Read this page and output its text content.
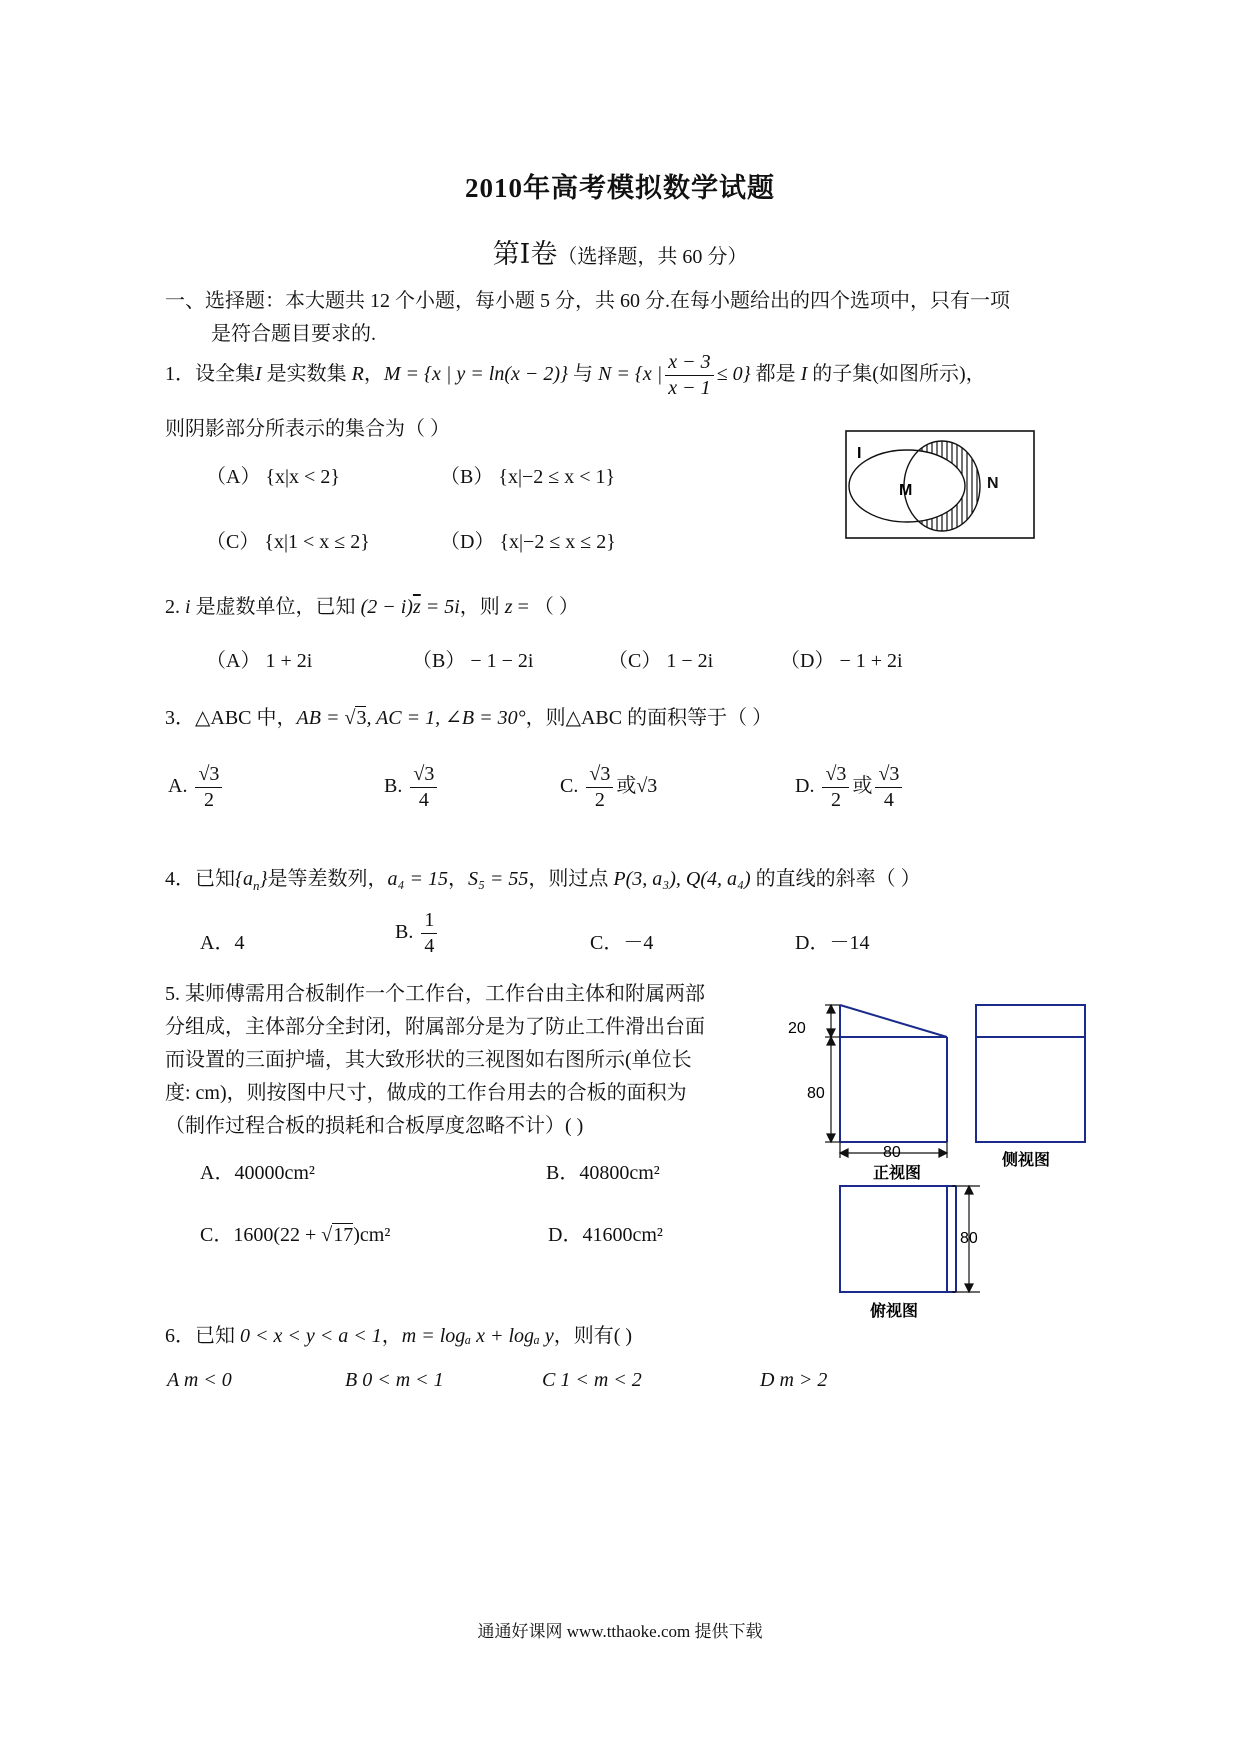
2010年高考模拟数学试题
第Ⅰ卷（选择题，共 60 分）
一、选择题：本大题共 12 个小题，每小题 5 分，共 60 分.在每小题给出的四个选项中，只有一项
是符合题目要求的.
1．设全集I 是实数集 R，M = {x | y = ln(x − 2)} 与 N = {x | $\frac{x - 3}{x - 1} \le 0$} 都是 I 的子集(如图所示)，
则阴影部分所表示的集合为（ ）
（A） {x|x < 2}	（B） {x|−2 ≤ x < 1}
（C） {x|1 < x ≤ 2}	（D） {x|−2 ≤ x ≤ 2}
I
M	N
2. i 是虚数单位，已知 $(2 - i)\overline{z} = 5i$，则 z = （ ）
（A） 1 + 2i	（B） − 1 − 2i	（C） 1 − 2i	（D） − 1 + 2i
3．△ABC 中，AB = √3, AC = 1, ∠B = 30°，则△ABC 的面积等于（ ）
A. $\frac{√3}{2}$	B. $\frac{√3}{4}$	C. $\frac{√3}{2}$ 或√3	D. $\frac{√3}{2}$ 或 $\frac{√3}{4}$
4．已知$\{a_n\}$是等差数列，a₄ = 15，S₅ = 55，则过点 P(3, a₃), Q(4, a₄) 的直线的斜率（ ）
A．4	B. $\frac{1}{4}$	C．－4	D．－14
5. 某师傅需用合板制作一个工作台，工作台由主体和附属两部
分组成，主体部分全封闭，附属部分是为了防止工件滑出台面
而设置的三面护墙，其大致形状的三视图如右图所示(单位长
度: cm)，则按图中尺寸，做成的工作台用去的合板的面积为
（制作过程合板的损耗和合板厚度忽略不计）( )
A．40000cm²	B．40800cm²
C．1600(22 + √17)cm²	D．41600cm²
20
80
80
80
正视图
侧视图
俯视图
6．已知 0 < x < y < a < 1，m = logₐ x + logₐ y，则有( )
A m < 0	B 0 < m < 1	C 1 < m < 2	D m > 2
通通好课网 www.tthaoke.com 提供下载
